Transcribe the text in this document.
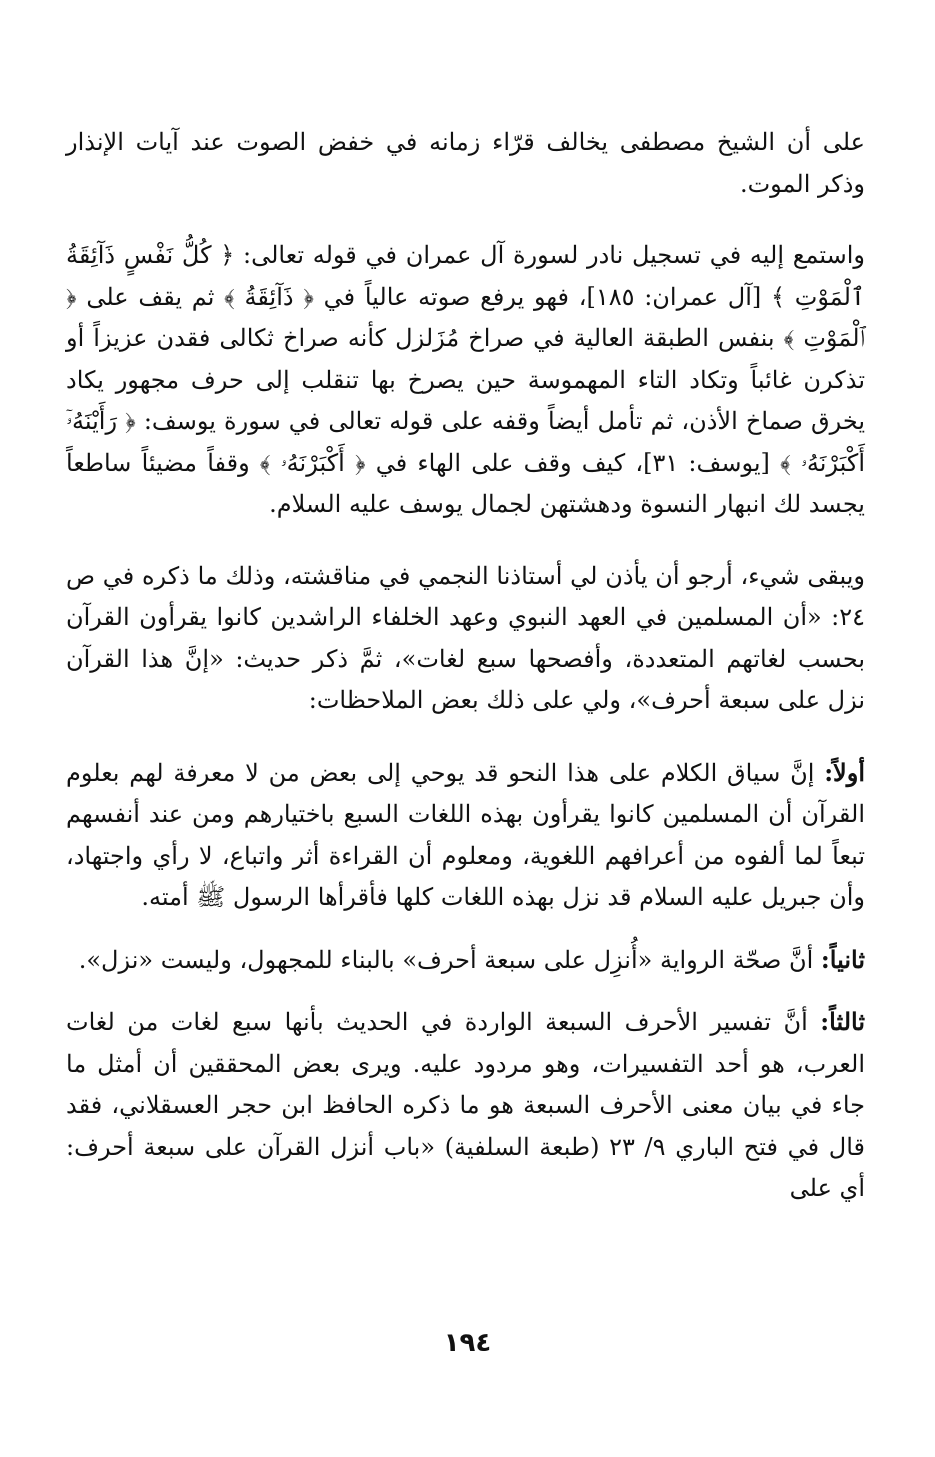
على أن الشيخ مصطفى يخالف قرّاء زمانه في خفض الصوت عند آيات الإنذار وذكر الموت.

واستمع إليه في تسجيل نادر لسورة آل عمران في قوله تعالى: ﴿ كُلُّ نَفْسٍ ذَآئِقَةُ ٱلْمَوْتِ ﴾ [آل عمران: ١٨٥]، فهو يرفع صوته عالياً في ﴿ ذَآئِقَةُ ﴾ ثم يقف على ﴿ ٱلْمَوْتِ ﴾ بنفس الطبقة العالية في صراخ مُزَلزل كأنه صراخ ثكالى فقدن عزيزاً أو تذكرن غائباً وتكاد التاء المهموسة حين يصرخ بها تنقلب إلى حرف مجهور يكاد يخرق صماخ الأذن، ثم تأمل أيضاً وقفه على قوله تعالى في سورة يوسف: ﴿ رَأَيْنَهُۥٓ أَكْبَرْنَهُۥ ﴾ [يوسف: ٣١]، كيف وقف على الهاء في ﴿ أَكْبَرْنَهُۥ ﴾ وقفاً مضيئاً ساطعاً يجسد لك انبهار النسوة ودهشتهن لجمال يوسف عليه السلام.

ويبقى شيء، أرجو أن يأذن لي أستاذنا النجمي في مناقشته، وذلك ما ذكره في ص ٢٤: «أن المسلمين في العهد النبوي وعهد الخلفاء الراشدين كانوا يقرأون القرآن بحسب لغاتهم المتعددة، وأفصحها سبع لغات»، ثمَّ ذكر حديث: «إنَّ هذا القرآن نزل على سبعة أحرف»، ولي على ذلك بعض الملاحظات:

أولاً: إنَّ سياق الكلام على هذا النحو قد يوحي إلى بعض من لا معرفة لهم بعلوم القرآن أن المسلمين كانوا يقرأون بهذه اللغات السبع باختيارهم ومن عند أنفسهم تبعاً لما ألفوه من أعرافهم اللغوية، ومعلوم أن القراءة أثر واتباع، لا رأي واجتهاد، وأن جبريل عليه السلام قد نزل بهذه اللغات كلها فأقرأها الرسول ﷺ أمته.

ثانياً: أنَّ صحّة الرواية «أُنزِل على سبعة أحرف» بالبناء للمجهول، وليست «نزل».

ثالثاً: أنَّ تفسير الأحرف السبعة الواردة في الحديث بأنها سبع لغات من لغات العرب، هو أحد التفسيرات، وهو مردود عليه. ويرى بعض المحققين أن أمثل ما جاء في بيان معنى الأحرف السبعة هو ما ذكره الحافظ ابن حجر العسقلاني، فقد قال في فتح الباري ٩/ ٢٣ (طبعة السلفية) «باب أنزل القرآن على سبعة أحرف: أي على

١٩٤
